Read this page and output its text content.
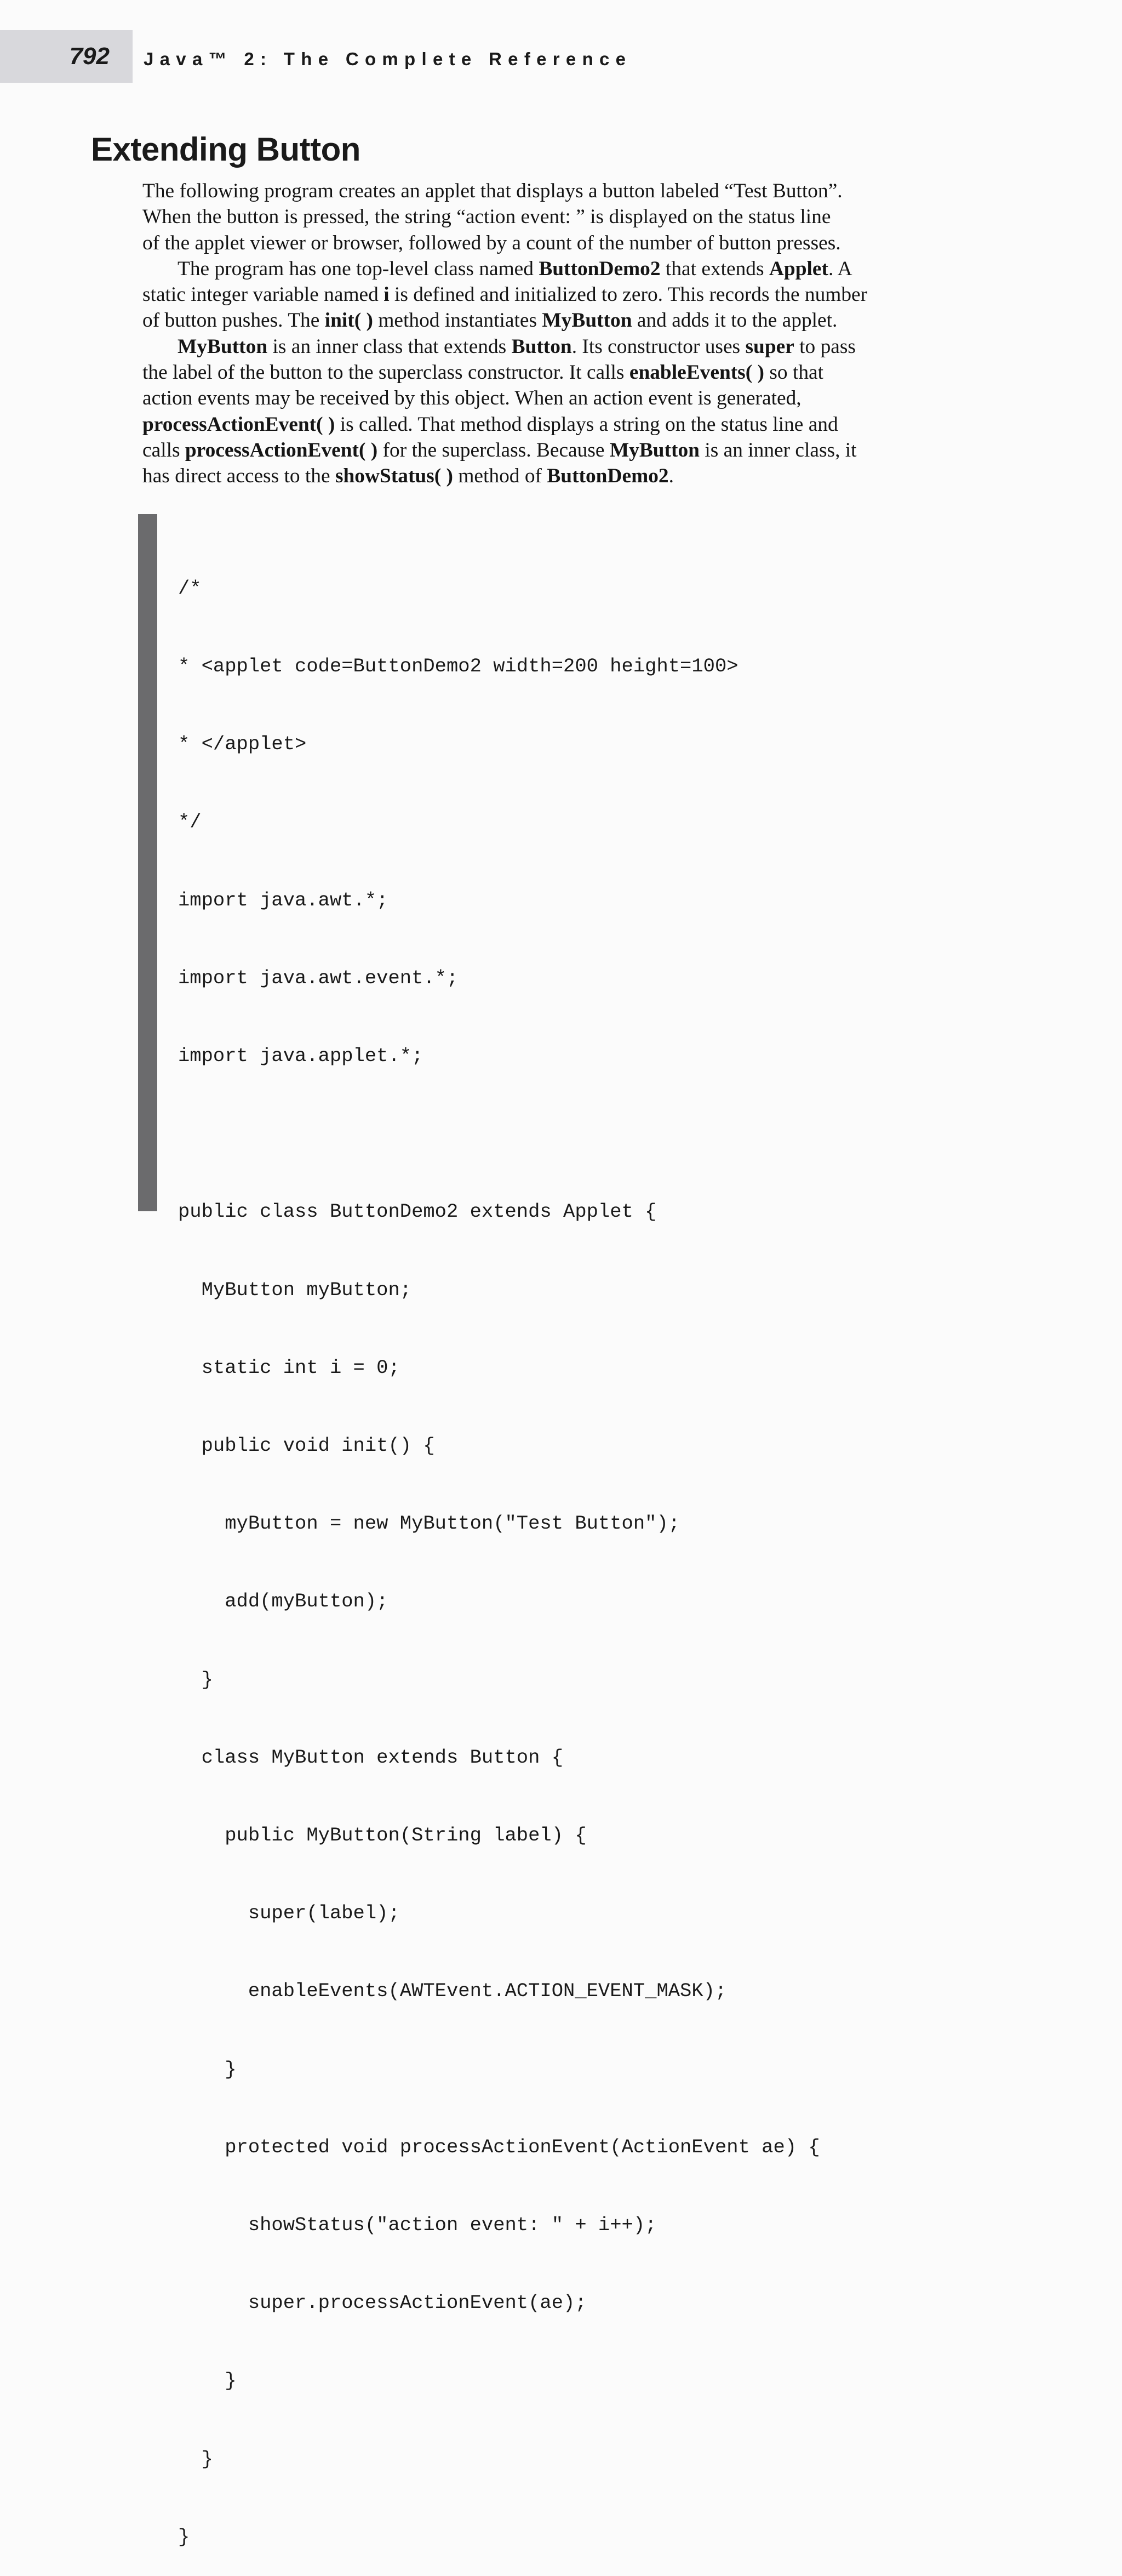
792 Java™ 2: The Complete Reference
Extending Button

The following program creates an applet that displays a button labeled “Test Button”.

When the button is pressed, the string “action event: ” is displayed on the status line

of the applet viewer or browser, followed by a count of the number of button presses.

The program has one top-level class named ButtonDemo2 that extends Applet. A

static integer variable named i is defined and initialized to zero. This records the number

of button pushes. The init( ) method instantiates MyButton and adds it to the applet.

MyButton is an inner class that extends Button. Its constructor uses super to pass

the label of the button to the superclass constructor. It calls enableEvents( ) so that

action events may be received by this object. When an action event is generated,

processActionEvent( ) is called. That method displays a string on the status line and

calls processActionEvent( ) for the superclass. Because MyButton is an inner class, it

has direct access to the showStatus( ) method of ButtonDemo2.

/*

* <applet code=ButtonDemo2 width=200 height=100>

* </applet>

*/

import java.awt.*;

import java.awt.event.*;

import java.applet.*;

public class ButtonDemo2 extends Applet {

MyButton myButton;

static int i = 0;

public void init() {

myButton = new MyButton("Test Button");

add(myButton);

}

class MyButton extends Button {

public MyButton(String label) {

super(label);

enableEvents(AWTEvent.ACTION_EVENT_MASK);

}

protected void processActionEvent(ActionEvent ae) {

showStatus("action event: " + i++);

super.processActionEvent(ae);

}

}

}
